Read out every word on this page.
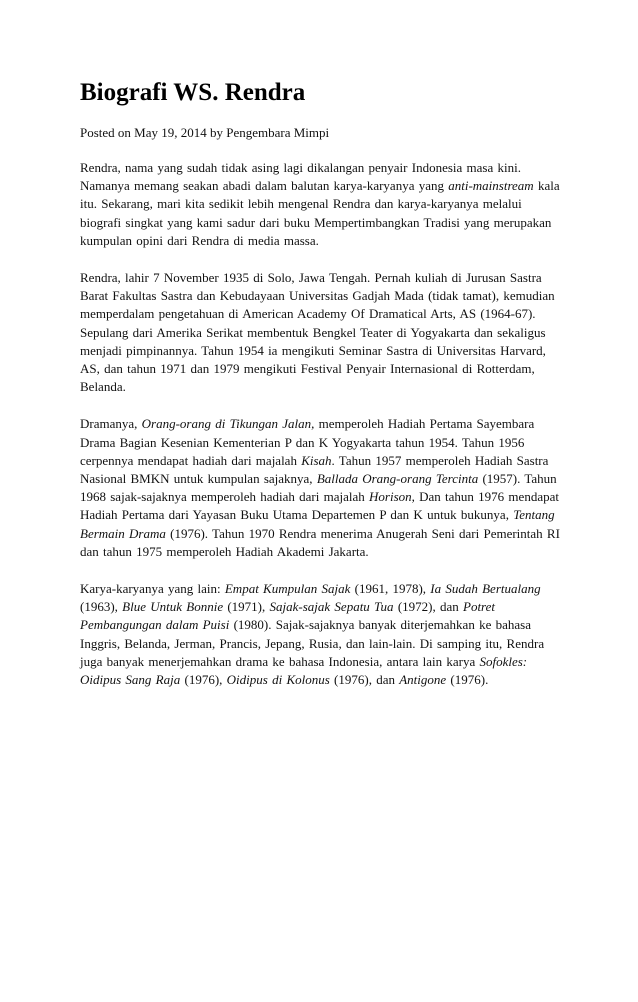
Biografi WS. Rendra
Posted on May 19, 2014 by Pengembara Mimpi

Rendra, nama yang sudah tidak asing lagi dikalangan penyair Indonesia masa kini. Namanya memang seakan abadi dalam balutan karya-karyanya yang anti-mainstream kala itu. Sekarang, mari kita sedikit lebih mengenal Rendra dan karya-karyanya melalui biografi singkat yang kami sadur dari buku Mempertimbangkan Tradisi yang merupakan kumpulan opini dari Rendra di media massa.

Rendra, lahir 7 November 1935 di Solo, Jawa Tengah. Pernah kuliah di Jurusan Sastra Barat Fakultas Sastra dan Kebudayaan Universitas Gadjah Mada (tidak tamat), kemudian memperdalam pengetahuan di American Academy Of Dramatical Arts, AS (1964-67). Sepulang dari Amerika Serikat membentuk Bengkel Teater di Yogyakarta dan sekaligus menjadi pimpinannya. Tahun 1954 ia mengikuti Seminar Sastra di Universitas Harvard, AS, dan tahun 1971 dan 1979 mengikuti Festival Penyair Internasional di Rotterdam, Belanda.

Dramanya, Orang-orang di Tikungan Jalan, memperoleh Hadiah Pertama Sayembara Drama Bagian Kesenian Kementerian P dan K Yogyakarta tahun 1954. Tahun 1956 cerpennya mendapat hadiah dari majalah Kisah. Tahun 1957 memperoleh Hadiah Sastra Nasional BMKN untuk kumpulan sajaknya, Ballada Orang-orang Tercinta (1957). Tahun 1968 sajak-sajaknya memperoleh hadiah dari majalah Horison, Dan tahun 1976 mendapat Hadiah Pertama dari Yayasan Buku Utama Departemen P dan K untuk bukunya, Tentang Bermain Drama (1976). Tahun 1970 Rendra menerima Anugerah Seni dari Pemerintah RI dan tahun 1975 memperoleh Hadiah Akademi Jakarta.

Karya-karyanya yang lain: Empat Kumpulan Sajak (1961, 1978), Ia Sudah Bertualang (1963), Blue Untuk Bonnie (1971), Sajak-sajak Sepatu Tua (1972), dan Potret Pembangungan dalam Puisi (1980). Sajak-sajaknya banyak diterjemahkan ke bahasa Inggris, Belanda, Jerman, Prancis, Jepang, Rusia, dan lain-lain. Di samping itu, Rendra juga banyak menerjemahkan drama ke bahasa Indonesia, antara lain karya Sofokles: Oidipus Sang Raja (1976), Oidipus di Kolonus (1976), dan Antigone (1976).
